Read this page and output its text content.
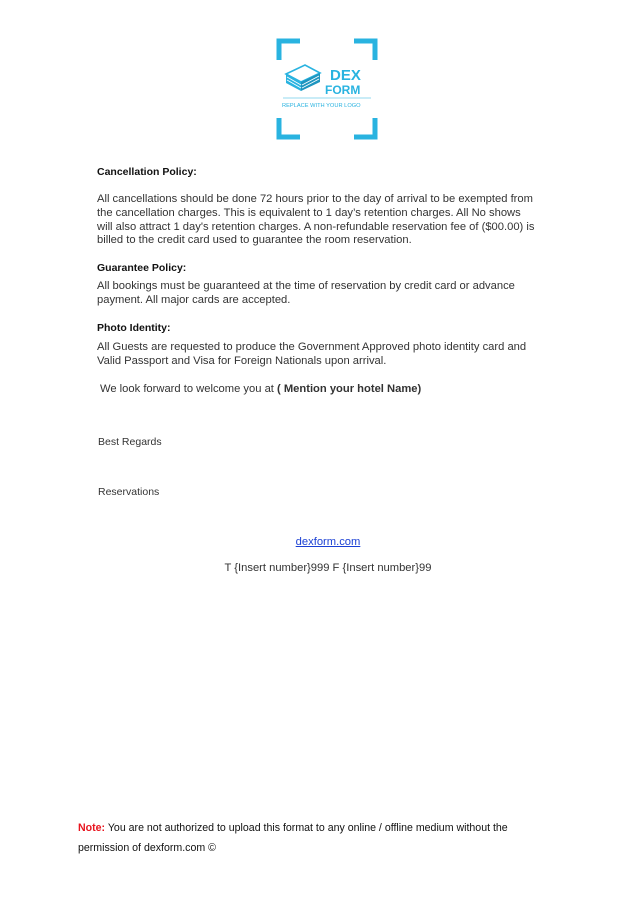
DEX
FORM
REPLACE WITH YOUR LOGO
Cancellation Policy:
All cancellations should be done 72 hours prior to the day of arrival to be exempted from
the cancellation charges. This is equivalent to 1 day’s retention charges. All No shows
will also attract 1 day's retention charges. A non-refundable reservation fee of ($00.00) is
billed to the credit card used to guarantee the room reservation.
Guarantee Policy:
All bookings must be guaranteed at the time of reservation by credit card or advance
payment. All major cards are accepted.
Photo Identity:
All Guests are requested to produce the Government Approved photo identity card and
Valid Passport and Visa for Foreign Nationals upon arrival.
We look forward to welcome you at ( Mention your hotel Name)
Best Regards
Reservations
dexform.com
T {Insert number}999 F {Insert number}99
Note: You are not authorized to upload this format to any online / offline medium without the
permission of dexform.com ©
